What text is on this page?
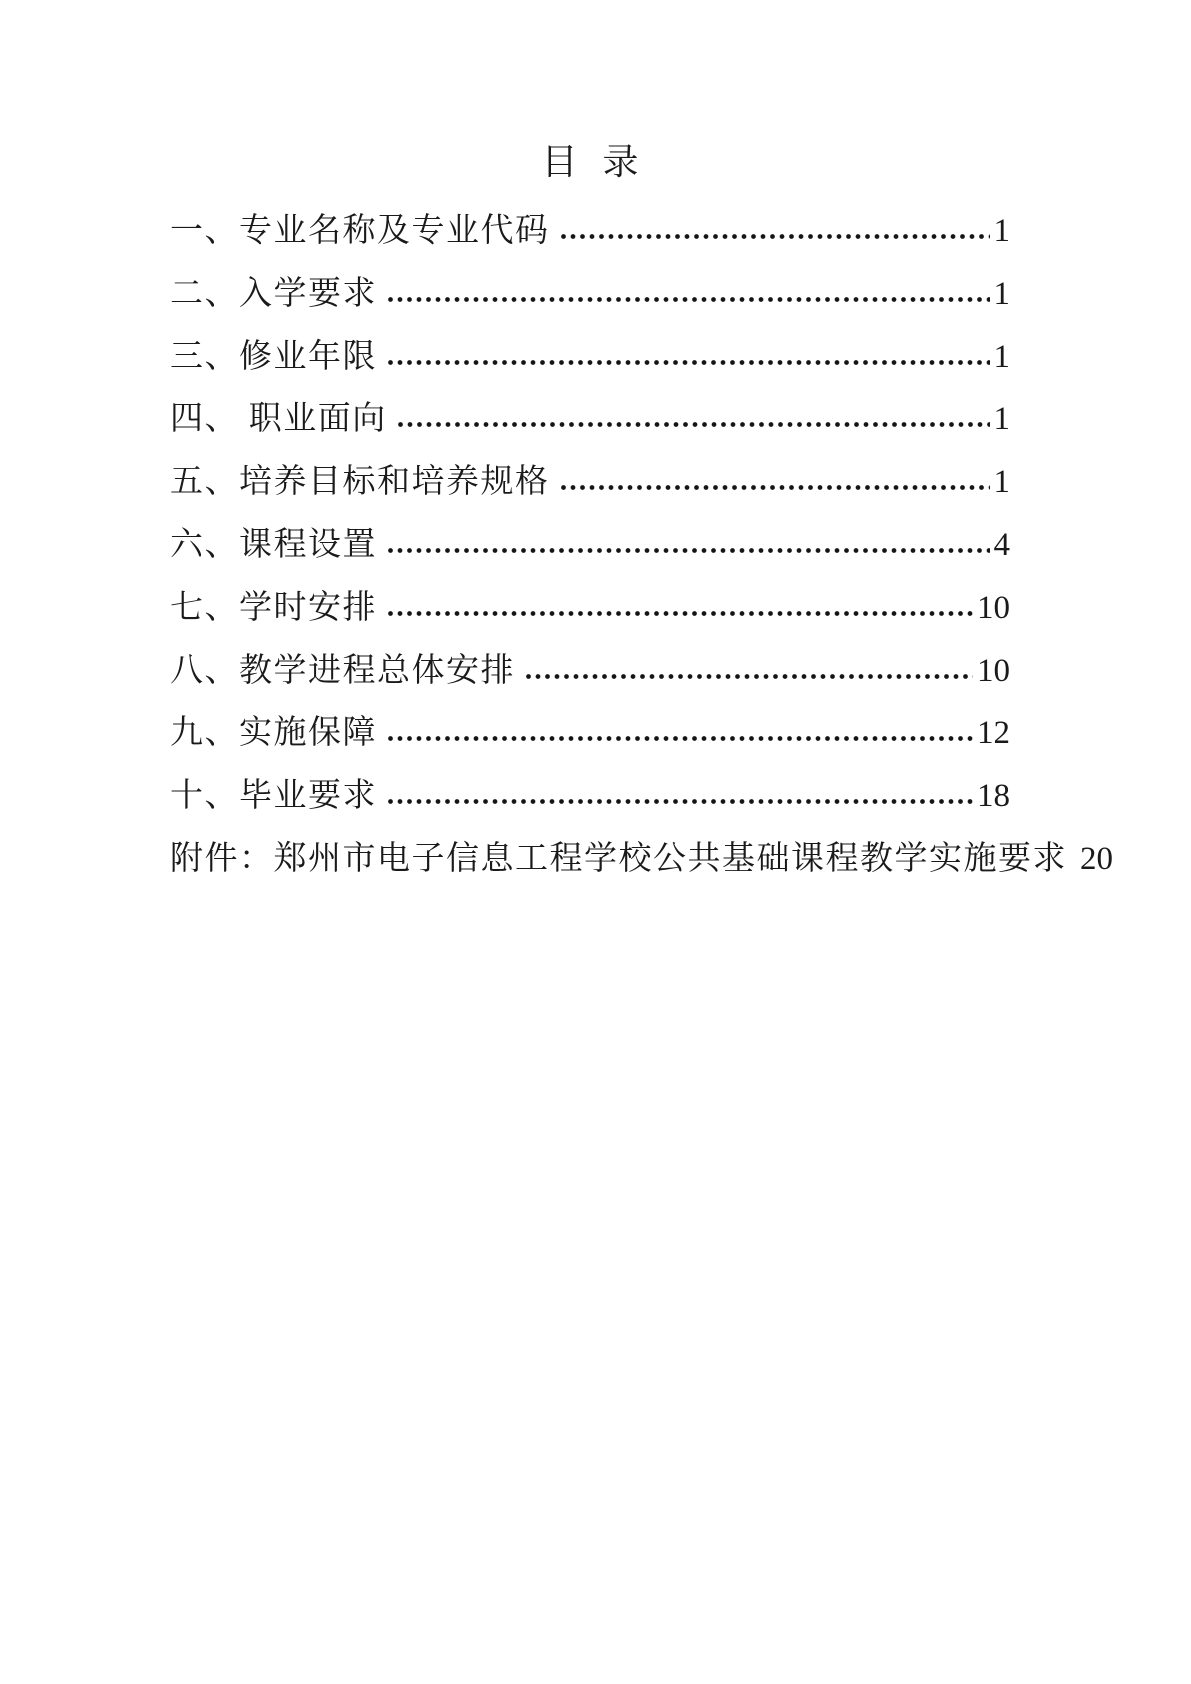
目 录
一、专业名称及专业代码	1
二、入学要求	1
三、修业年限	1
四、 职业面向	1
五、培养目标和培养规格	1
六、课程设置	4
七、学时安排	10
八、教学进程总体安排	10
九、实施保障	12
十、毕业要求	18
附件：郑州市电子信息工程学校公共基础课程教学实施要求 20
